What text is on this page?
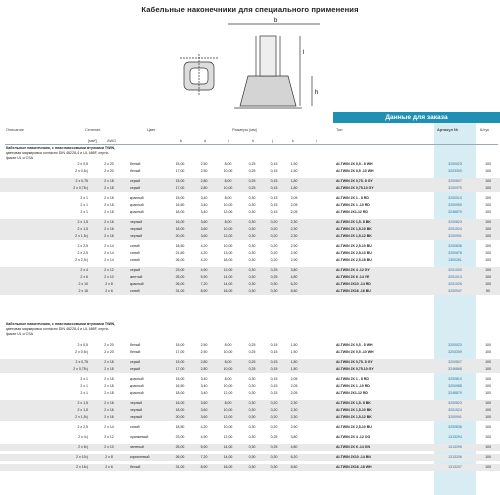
Кабельные наконечники для специального применения
b
l
h
Данные для заказа
Описание	Сечение	Цвет	Размеры [мм]
[мм²]	AWG	b	d	l	h	j	k	l
Тип	Артикул №	Штук
Кабельные наконечники, с пластмассовыми втулками TWIN,
цветовая маркировка согласно DIN 46228-4 и UL 486F, серти-
фикат UL и CSA
2 x 0,5	2 x 20	белый	15,00	2,50	8,00	0,25	0,15	1,50	AI-TWIN 2X 0,5 - 8 WH	3200023	100
2 x 0,5¹)	2 x 20	белый	17,00	2,50	10,00	0,25	0,15	1,50	AI-TWIN 2X 0,5 -10 WH	3203300	100
2 x 0,75	2 x 18	серый	15,00	2,80	8,00	0,25	0,15	1,80	AI-TWIN 2X 0,75- 8 GY	3200807	100
2 x 0,75¹)	2 x 18	серый	17,00	2,80	10,00	0,25	0,15	1,80	AI-TWIN 2X 0,75-10 GY	3200975	100
2 x 1	2 x 18	красный	15,00	3,40	8,00	0,30	0,15	2,05	AI-TWIN 2X 1 - 8 RD	3200010	100
2 x 1	2 x 18	красный	16,50	3,40	10,00	0,30	0,15	2,05	AI-TWIN 2X 1 -10 RD	3200959	100
2 x 1	2 x 18	красный	18,00	3,40	12,00	0,30	0,15	2,05	AI-TWIN 2X1-12 RD	3248879	100
2 x 1,5	2 x 16	черный	16,00	3,60	8,00	0,30	0,20	2,30	AI-TWIN 2X 1,5- 8 BK	3200823	100
2 x 1,5	2 x 16	черный	18,00	3,60	10,00	0,30	0,20	2,30	AI-TWIN 2X 1,5-10 BK	3201524	100
2 x 1,5¹)	2 x 16	черный	20,00	3,60	12,00	0,30	0,20	2,30	AI-TWIN 2X 1,5-12 BK	3200991	100
2 x 2,5	2 x 14	синий	18,50	4,20	10,00	0,30	0,20	2,90	AI-TWIN 2X 2,5-10 BU	3200836	100
2 x 2,5	2 x 14	синий	21,50	4,20	13,00	0,30	0,20	2,90	AI-TWIN 2X 2,5-13 BU	3200678	100
2 x 2,5¹)	2 x 14	синий	26,00	4,20	18,00	0,30	0,20	2,90	AI-TWIN 2X 2,5-18 BU	1300261	100
2 x 4	2 x 12	серый	23,00	4,90	12,00	0,30	0,25	3,80	AI-TWIN 2X 4 -12 GY	3201000	100
2 x 6	2 x 10	желтый	25,00	5,90	14,00	0,30	0,25	4,80	AI-TWIN 2X 6 -14 YE	3201013	100
2 x 10	2 x 8	красный	26,00	7,20	14,00	0,30	0,30	6,20	AI-TWIN 2X10 -14 RD	3201026	100
2 x 16	2 x 6	синий	31,00	8,90	16,00	0,30	0,30	8,50	AI-TWIN 2X16 -16 BU	3200947	50
Кабельные наконечники, с пластмассовыми втулками TWIN,
цветовая маркировка согласно DIN 46228-4 и UL 486F, серти-
фикат UL и CSA
2 x 0,5	2 x 20	белый	15,00	2,50	8,00	0,25	0,15	1,50	AI-TWIN 2X 0,5 - 8 WH	3200023	100
2 x 0,5¹)	2 x 20	белый	17,00	2,50	10,00	0,25	0,15	1,50	AI-TWIN 2X 0,5 -10 WH	3203309	100
2 x 0,75	2 x 18	серый	15,00	2,80	8,00	0,25	0,15	1,80	AI-TWIN 2X 0,75- 8 GY	3200807	100
2 x 0,75¹)	2 x 18	серый	17,00	2,80	10,00	0,25	0,15	1,80	AI-TWIN 2X 0,75-10 GY	3246868	100
2 x 1	2 x 18	красный	15,00	3,40	8,00	0,30	0,15	2,05	AI-TWIN 2X 1 - 8 RD	3200810	100
2 x 1	2 x 18	красный	16,50	3,40	10,00	0,30	0,15	2,05	AI-TWIN 2X 1 -10 RD	3200988	100
2 x 1	2 x 18	красный	18,00	3,40	12,00	0,30	0,15	2,05	AI-TWIN 2X1-12 RD	3248879	100
2 x 1,5	2 x 16	черный	16,00	3,60	8,00	0,30	0,20	2,30	AI-TWIN 2X 1,5- 8 BK	3200823	100
2 x 1,5	2 x 16	черный	18,00	3,60	10,00	0,30	0,20	2,30	AI-TWIN 2X 1,5-10 BK	3201524	100
2 x 1,5¹)	2 x 16	черный	20,00	3,60	12,00	0,30	0,20	2,30	AI-TWIN 2X 1,5-12 BK	3200991	100
2 x 2,5	2 x 14	синий	18,50	4,20	10,00	0,30	0,20	2,90	AI-TWIN 2X 2,5-10 BU	3200836	100
2 x 4¹)	2 x 12	оранжевый	23,00	4,90	12,00	0,30	0,25	3,80	AI-TWIN 2X 4 -12 OG	1313294	100
2 x 6¹)	2 x 10	зеленый	25,00	5,90	14,00	0,30	0,25	4,80	AI-TWIN 2X 6 -14 GN	1313295	100
2 x 10¹)	2 x 8	коричневый	26,00	7,20	14,00	0,30	0,30	6,20	AI-TWIN 2X10 -14 BN	1313206	100
2 x 16¹)	2 x 6	белый	31,00	8,90	16,00	0,30	0,30	8,50	AI-TWIN 2X16 -16 WH	1313207	100
